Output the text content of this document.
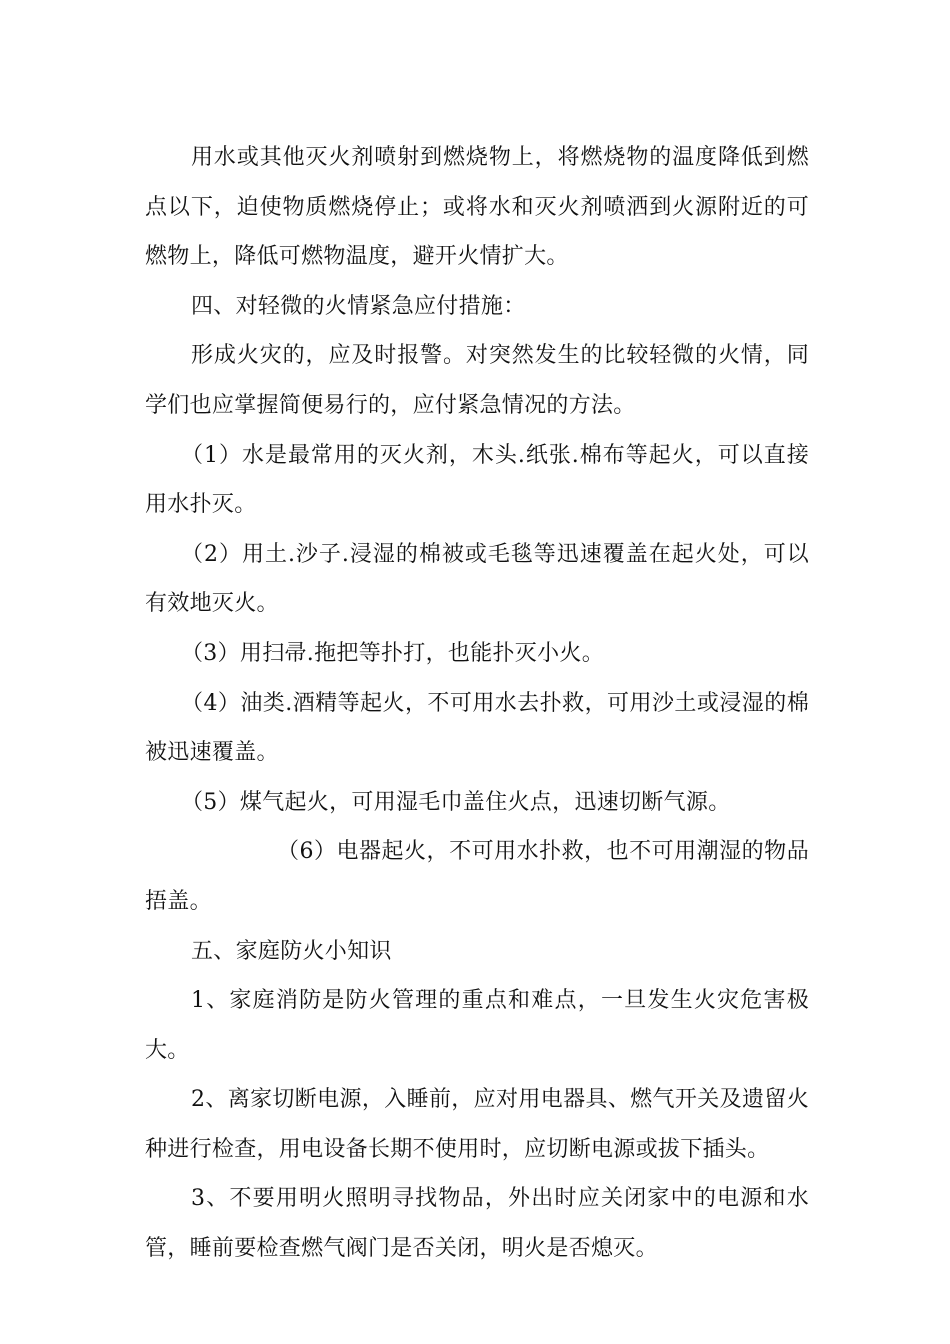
用水或其他灭火剂喷射到燃烧物上，将燃烧物的温度降低到燃点以下，迫使物质燃烧停止；或将水和灭火剂喷洒到火源附近的可燃物上，降低可燃物温度，避开火情扩大。

四、对轻微的火情紧急应付措施：

形成火灾的，应及时报警。对突然发生的比较轻微的火情，同学们也应掌握简便易行的，应付紧急情况的方法。

（1）水是最常用的灭火剂，木头.纸张.棉布等起火，可以直接用水扑灭。

（2）用土.沙子.浸湿的棉被或毛毯等迅速覆盖在起火处，可以有效地灭火。

（3）用扫帚.拖把等扑打，也能扑灭小火。

（4）油类.酒精等起火，不可用水去扑救，可用沙土或浸湿的棉被迅速覆盖。

（5）煤气起火，可用湿毛巾盖住火点，迅速切断气源。

（6）电器起火，不可用水扑救，也不可用潮湿的物品捂盖。

五、家庭防火小知识

1、家庭消防是防火管理的重点和难点，一旦发生火灾危害极大。

2、离家切断电源，入睡前，应对用电器具、燃气开关及遗留火种进行检查，用电设备长期不使用时，应切断电源或拔下插头。

3、不要用明火照明寻找物品，外出时应关闭家中的电源和水管，睡前要检查燃气阀门是否关闭，明火是否熄灭。
